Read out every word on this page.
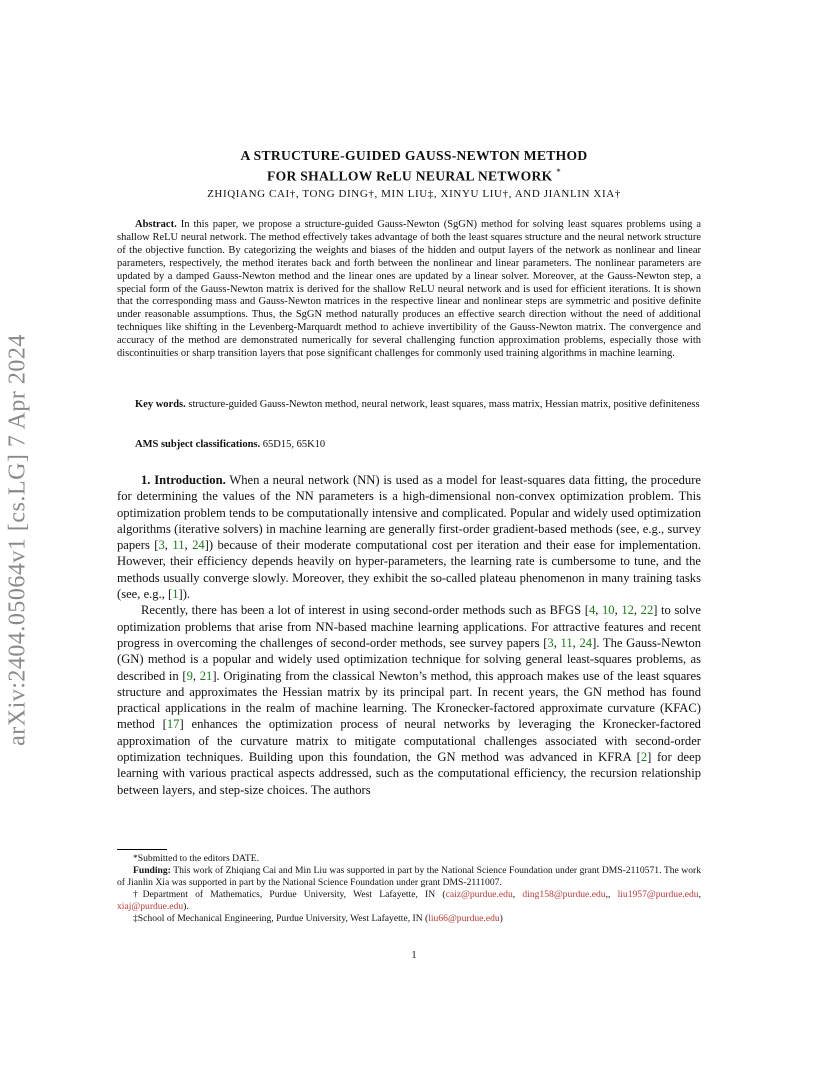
arXiv:2404.05064v1 [cs.LG] 7 Apr 2024
A STRUCTURE-GUIDED GAUSS-NEWTON METHOD
FOR SHALLOW ReLU NEURAL NETWORK *
ZHIQIANG CAI†, TONG DING†, MIN LIU‡, XINYU LIU†, AND JIANLIN XIA†
Abstract. In this paper, we propose a structure-guided Gauss-Newton (SgGN) method for solving least squares problems using a shallow ReLU neural network. The method effectively takes advantage of both the least squares structure and the neural network structure of the objective function. By categorizing the weights and biases of the hidden and output layers of the network as nonlinear and linear parameters, respectively, the method iterates back and forth between the nonlinear and linear parameters. The nonlinear parameters are updated by a damped Gauss-Newton method and the linear ones are updated by a linear solver. Moreover, at the Gauss-Newton step, a special form of the Gauss-Newton matrix is derived for the shallow ReLU neural network and is used for efficient iterations. It is shown that the corresponding mass and Gauss-Newton matrices in the respective linear and nonlinear steps are symmetric and positive definite under reasonable assumptions. Thus, the SgGN method naturally produces an effective search direction without the need of additional techniques like shifting in the Levenberg-Marquardt method to achieve invertibility of the Gauss-Newton matrix. The convergence and accuracy of the method are demonstrated numerically for several challenging function approximation problems, especially those with discontinuities or sharp transition layers that pose significant challenges for commonly used training algorithms in machine learning.
Key words. structure-guided Gauss-Newton method, neural network, least squares, mass matrix, Hessian matrix, positive definiteness
AMS subject classifications. 65D15, 65K10

1. Introduction. When a neural network (NN) is used as a model for least-squares data fitting, the procedure for determining the values of the NN parameters is a high-dimensional non-convex optimization problem. This optimization problem tends to be computationally intensive and complicated. Popular and widely used optimization algorithms (iterative solvers) in machine learning are generally first-order gradient-based methods (see, e.g., survey papers [3, 11, 24]) because of their moderate computational cost per iteration and their ease for implementation. However, their efficiency depends heavily on hyper-parameters, the learning rate is cumbersome to tune, and the methods usually converge slowly. Moreover, they exhibit the so-called plateau phenomenon in many training tasks (see, e.g., [1]).

Recently, there has been a lot of interest in using second-order methods such as BFGS [4, 10, 12, 22] to solve optimization problems that arise from NN-based machine learning applications. For attractive features and recent progress in overcoming the challenges of second-order methods, see survey papers [3, 11, 24]. The Gauss-Newton (GN) method is a popular and widely used optimization technique for solving general least-squares problems, as described in [9, 21]. Originating from the classical Newton’s method, this approach makes use of the least squares structure and approximates the Hessian matrix by its principal part. In recent years, the GN method has found practical applications in the realm of machine learning. The Kronecker-factored approximate curvature (KFAC) method [17] enhances the optimization process of neural networks by leveraging the Kronecker-factored approximation of the curvature matrix to mitigate computational challenges associated with second-order optimization techniques. Building upon this foundation, the GN method was advanced in KFRA [2] for deep learning with various practical aspects addressed, such as the computational efficiency, the recursion relationship between layers, and step-size choices. The authors

*Submitted to the editors DATE.

Funding: This work of Zhiqiang Cai and Min Liu was supported in part by the National Science Foundation under grant DMS-2110571. The work of Jianlin Xia was supported in part by the National Science Foundation under grant DMS-2111007.

†Department of Mathematics, Purdue University, West Lafayette, IN (caiz@purdue.edu, ding158@purdue.edu,, liu1957@purdue.edu, xiaj@purdue.edu).

‡School of Mechanical Engineering, Purdue University, West Lafayette, IN (liu66@purdue.edu)

1
